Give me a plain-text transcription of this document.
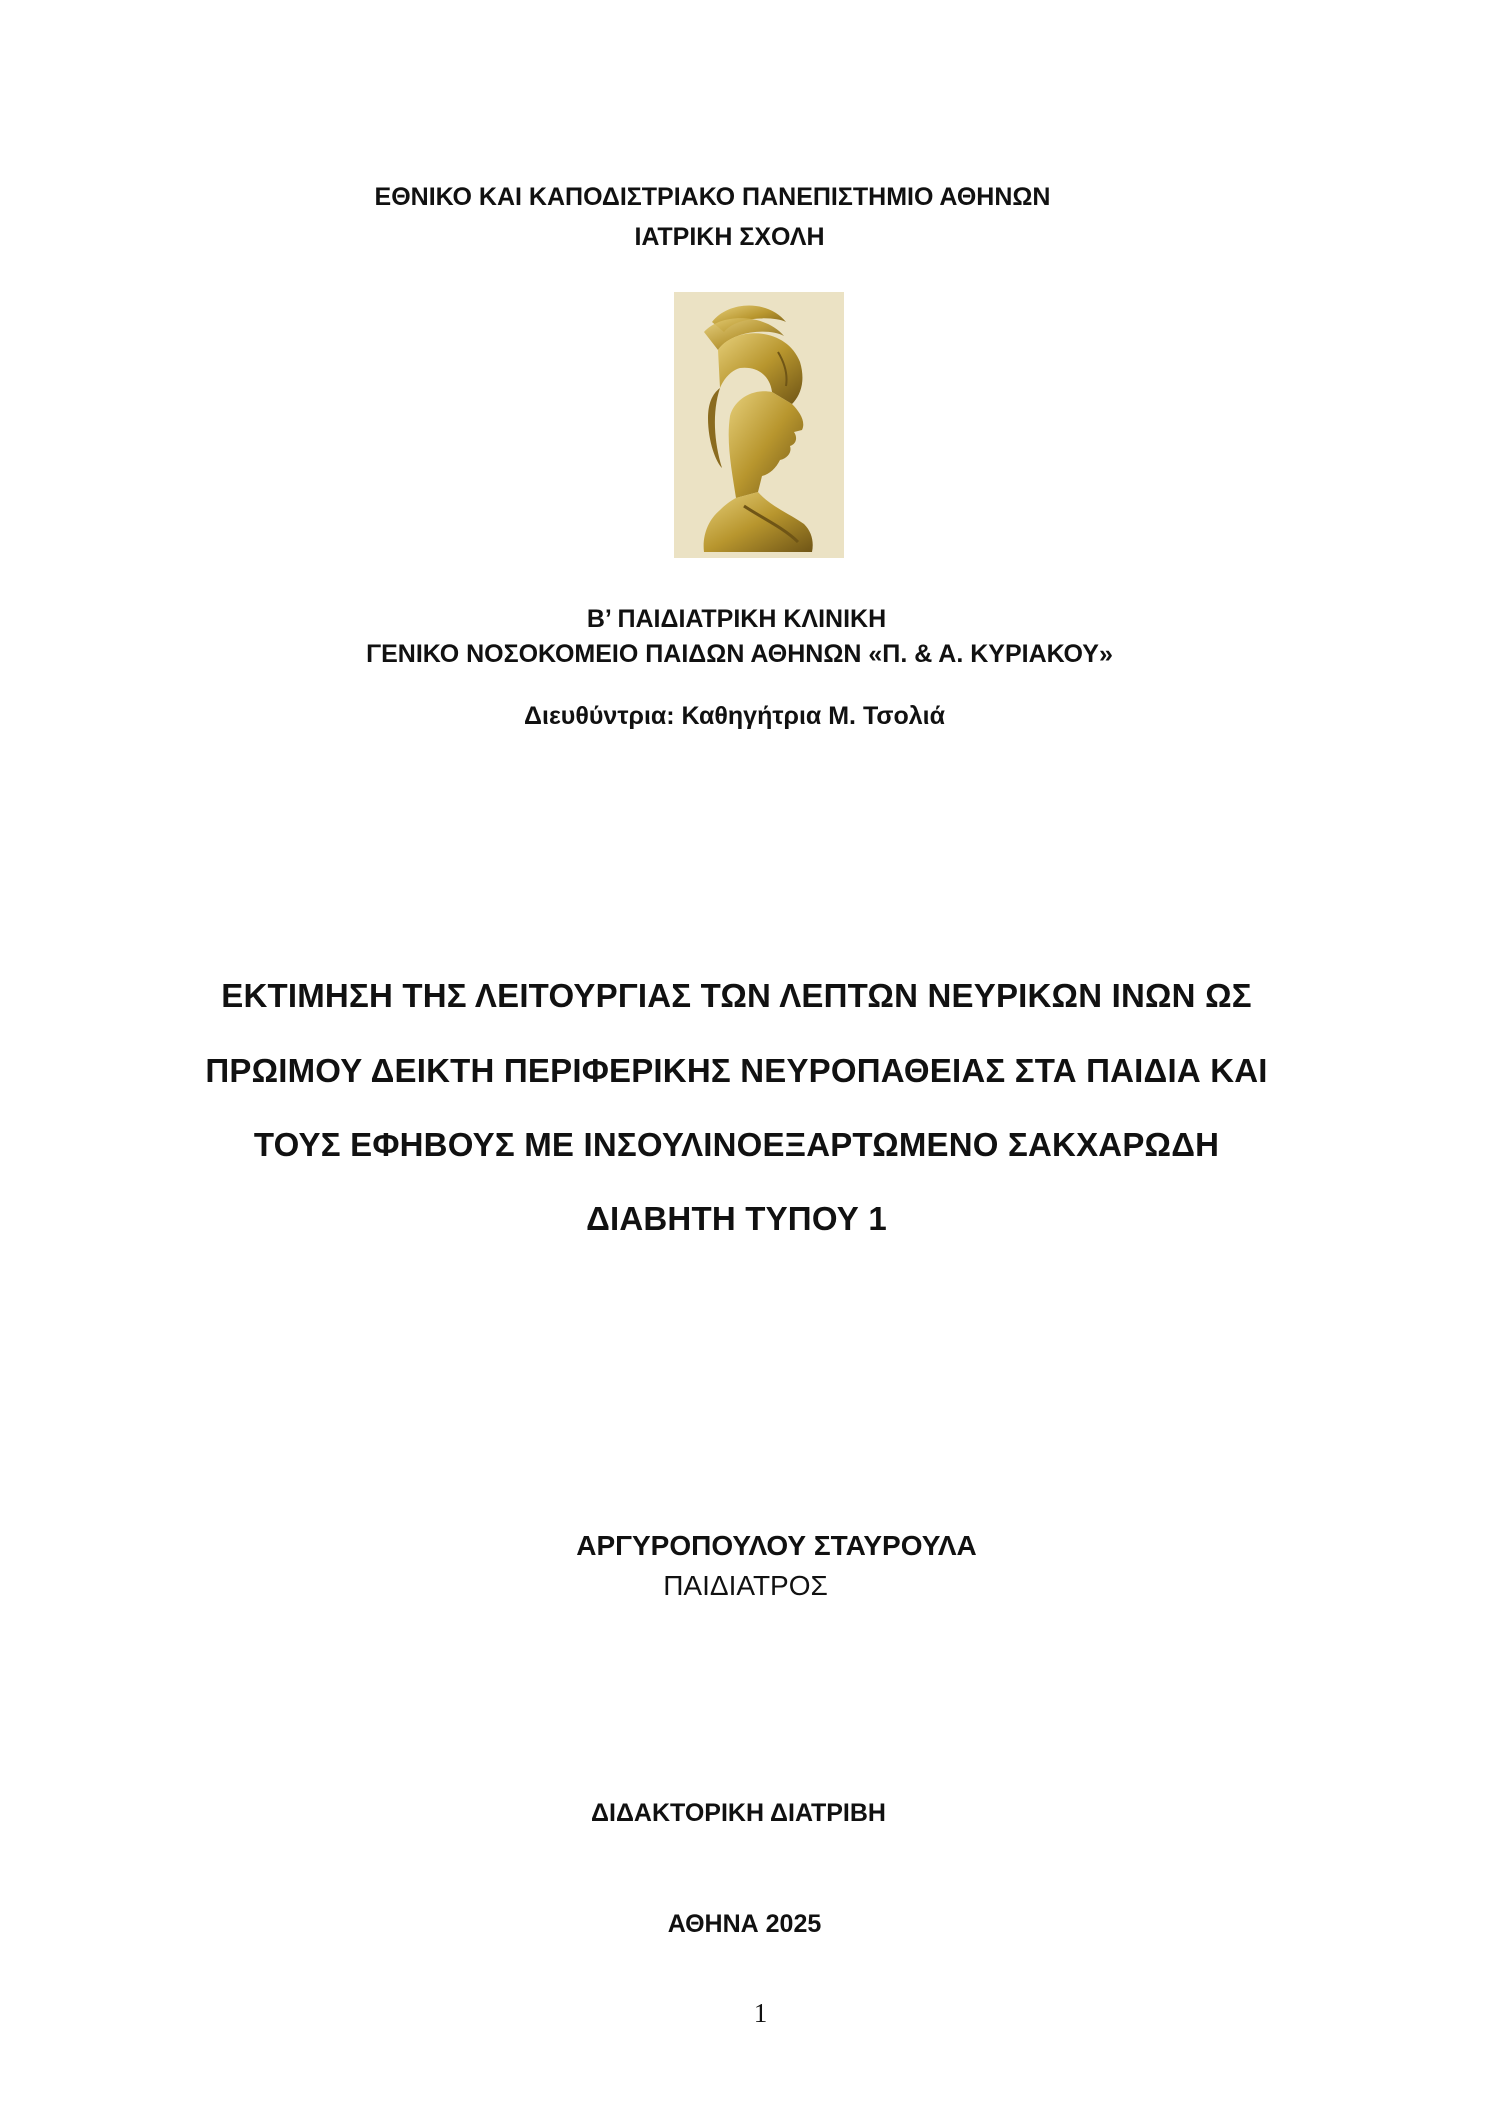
ΕΘΝΙΚΟ ΚΑΙ ΚΑΠΟΔΙΣΤΡΙΑΚΟ ΠΑΝΕΠΙΣΤΗΜΙΟ ΑΘΗΝΩΝ
ΙΑΤΡΙΚΗ ΣΧΟΛΗ
Β’ ΠΑΙΔΙΑΤΡΙΚΗ ΚΛΙΝΙΚΗ
ΓΕΝΙΚΟ ΝΟΣΟΚΟΜΕΙΟ ΠΑΙΔΩΝ ΑΘΗΝΩΝ «Π. & Α. ΚΥΡΙΑΚΟΥ»
Διευθύντρια: Καθηγήτρια Μ. Τσολιά
ΕΚΤΙΜΗΣΗ ΤΗΣ ΛΕΙΤΟΥΡΓΙΑΣ ΤΩΝ ΛΕΠΤΩΝ ΝΕΥΡΙΚΩΝ ΙΝΩΝ ΩΣ
ΠΡΩΙΜΟΥ ΔΕΙΚΤΗ ΠΕΡΙΦΕΡΙΚΗΣ ΝΕΥΡΟΠΑΘΕΙΑΣ ΣΤΑ ΠΑΙΔΙΑ ΚΑΙ
ΤΟΥΣ ΕΦΗΒΟΥΣ ΜΕ ΙΝΣΟΥΛΙΝΟΕΞΑΡΤΩΜΕΝΟ ΣΑΚΧΑΡΩΔΗ
ΔΙΑΒΗΤΗ ΤΥΠΟΥ 1
ΑΡΓΥΡΟΠΟΥΛΟΥ ΣΤΑΥΡΟΥΛΑ
ΠΑΙΔΙΑΤΡΟΣ
ΔΙΔΑΚΤΟΡΙΚΗ ΔΙΑΤΡΙΒΗ
ΑΘΗΝΑ 2025
1
